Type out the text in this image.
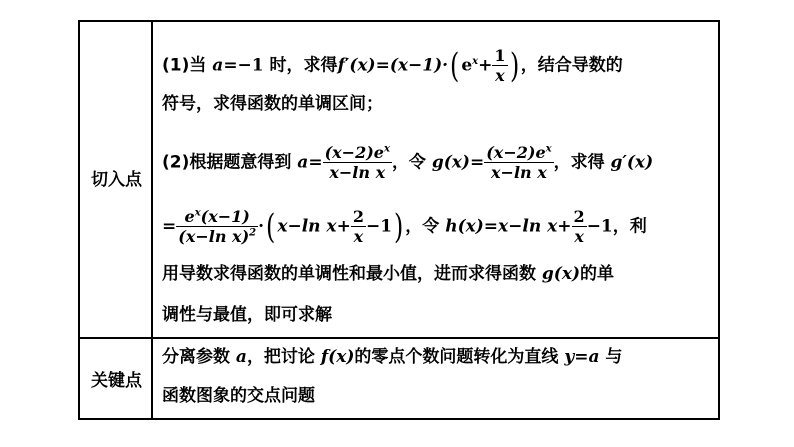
切入点
关键点
(1)当 a=−1 时，求得f′(x)=(x−1)·( $e^x+ \frac{1}{x}$ ) ，结合导数的
符号，求得函数的单调区间；
(2)根据题意得到 $a= \frac{(x-2)e^x}{\text{x−ln x}}$ ，令 $g(x)= \frac{(x-2)e^x}{\text{x−ln x}}$ ，求得 g′(x)
= $\frac{e^x(x-1)}{(x-\ln x)^2}$ ·( x−ln $x+ \frac{2}{x} -1$) ，令 h(x)=x−ln $x+ \frac{2}{x} -1$，利
用导数求得函数的单调性和最小值，进而求得函数 g(x)的单
调性与最值，即可求解
分离参数 a，把讨论 f(x)的零点个数问题转化为直线 y=a 与
函数图象的交点问题
